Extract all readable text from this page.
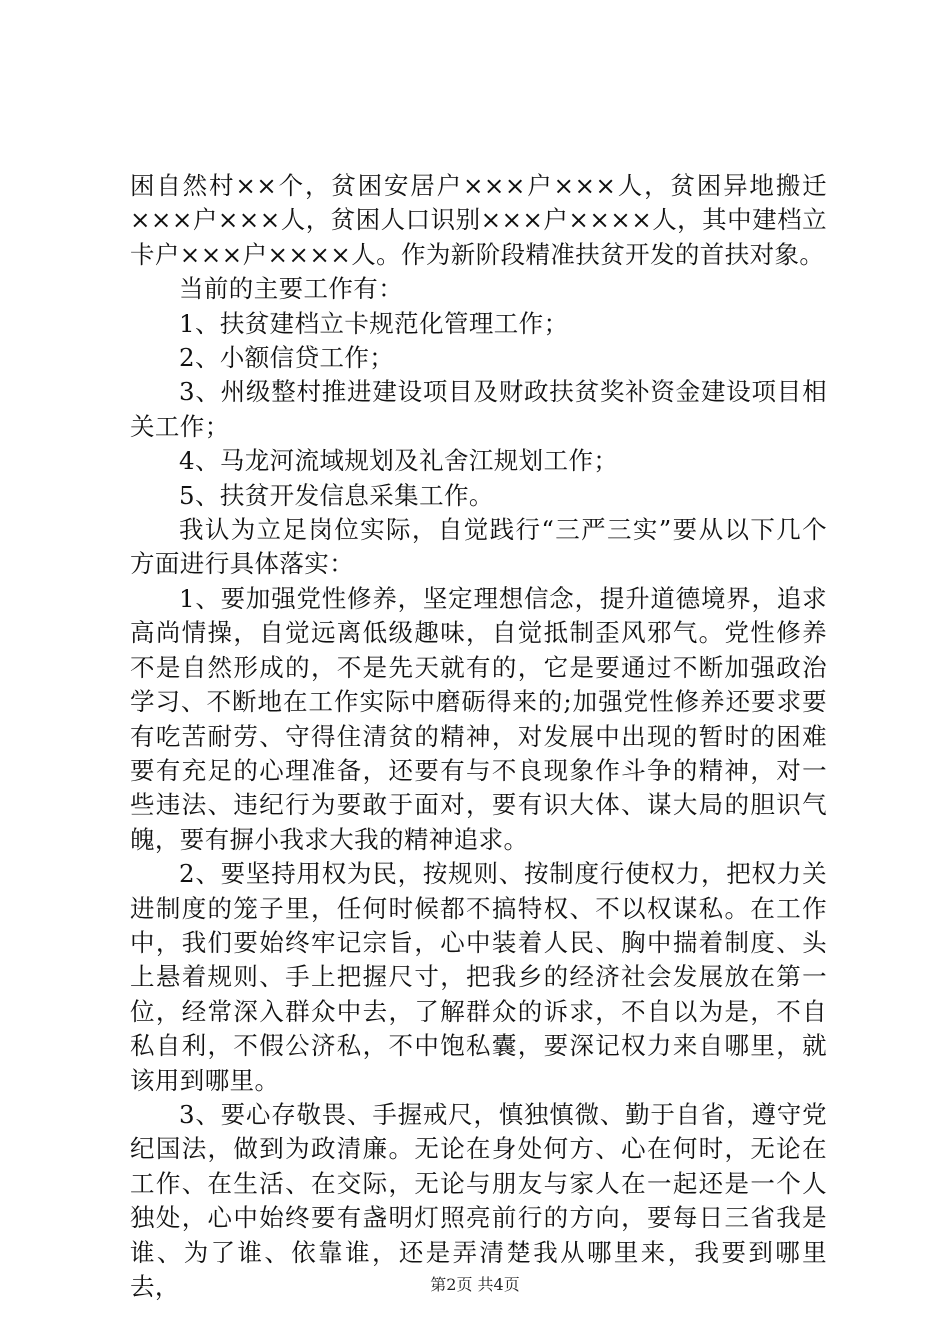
困自然村××个，贫困安居户×××户×××人，贫困异地搬迁×××户×××人，贫困人口识别×××户××××人，其中建档立卡户×××户××××人。作为新阶段精准扶贫开发的首扶对象。

当前的主要工作有：

1、扶贫建档立卡规范化管理工作；

2、小额信贷工作；

3、州级整村推进建设项目及财政扶贫奖补资金建设项目相关工作；

4、马龙河流域规划及礼舍江规划工作；

5、扶贫开发信息采集工作。

我认为立足岗位实际，自觉践行“三严三实”要从以下几个方面进行具体落实：

1、要加强党性修养，坚定理想信念，提升道德境界，追求高尚情操，自觉远离低级趣味，自觉抵制歪风邪气。党性修养不是自然形成的，不是先天就有的，它是要通过不断加强政治学习、不断地在工作实际中磨砺得来的;加强党性修养还要求要有吃苦耐劳、守得住清贫的精神，对发展中出现的暂时的困难要有充足的心理准备，还要有与不良现象作斗争的精神，对一些违法、违纪行为要敢于面对，要有识大体、谋大局的胆识气魄，要有摒小我求大我的精神追求。

2、要坚持用权为民，按规则、按制度行使权力，把权力关进制度的笼子里，任何时候都不搞特权、不以权谋私。在工作中，我们要始终牢记宗旨，心中装着人民、胸中揣着制度、头上悬着规则、手上把握尺寸，把我乡的经济社会发展放在第一位，经常深入群众中去，了解群众的诉求，不自以为是，不自私自利，不假公济私，不中饱私囊，要深记权力来自哪里，就该用到哪里。

3、要心存敬畏、手握戒尺，慎独慎微、勤于自省，遵守党纪国法，做到为政清廉。无论在身处何方、心在何时，无论在工作、在生活、在交际，无论与朋友与家人在一起还是一个人独处，心中始终要有盏明灯照亮前行的方向，要每日三省我是谁、为了谁、依靠谁，还是弄清楚我从哪里来，我要到哪里去，	第2页 共4页
